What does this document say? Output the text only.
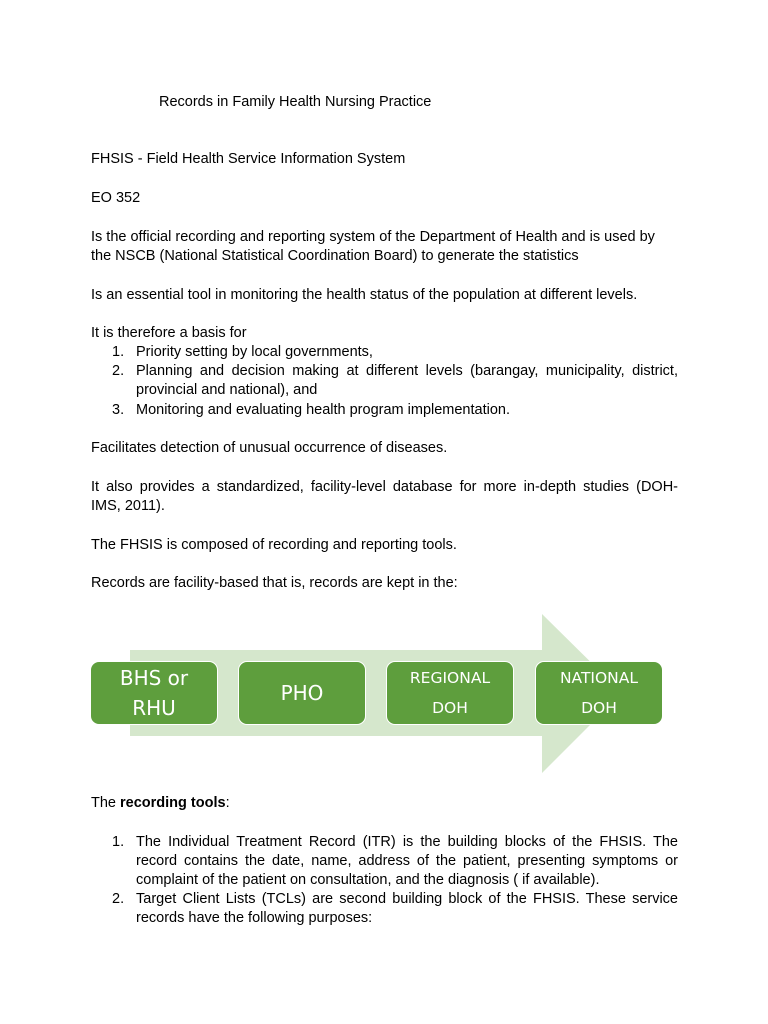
Records in Family Health Nursing Practice
FHSIS - Field Health Service Information System
EO 352
Is the official recording and reporting system of the Department of Health and is used by
the NSCB (National Statistical Coordination Board) to generate the statistics
Is an essential tool in monitoring the health status of the population at different levels.
It is therefore a basis for
1. Priority setting by local governments,
2. Planning and decision making at different levels (barangay, municipality, district,
provincial and national), and
3. Monitoring and evaluating health program implementation.
Facilitates detection of unusual occurrence of diseases.
It also provides a standardized, facility-level database for more in-depth studies (DOH-
IMS, 2011).
The FHSIS is composed of recording and reporting tools.
Records are facility-based that is, records are kept in the:
BHS or
RHU
PHO
REGIONAL
DOH
NATIONAL
DOH
The recording tools:
1. The Individual Treatment Record (ITR) is the building blocks of the FHSIS. The
record contains the date, name, address of the patient, presenting symptoms or
complaint of the patient on consultation, and the diagnosis ( if available).
2. Target Client Lists (TCLs) are second building block of the FHSIS. These service
records have the following purposes:
